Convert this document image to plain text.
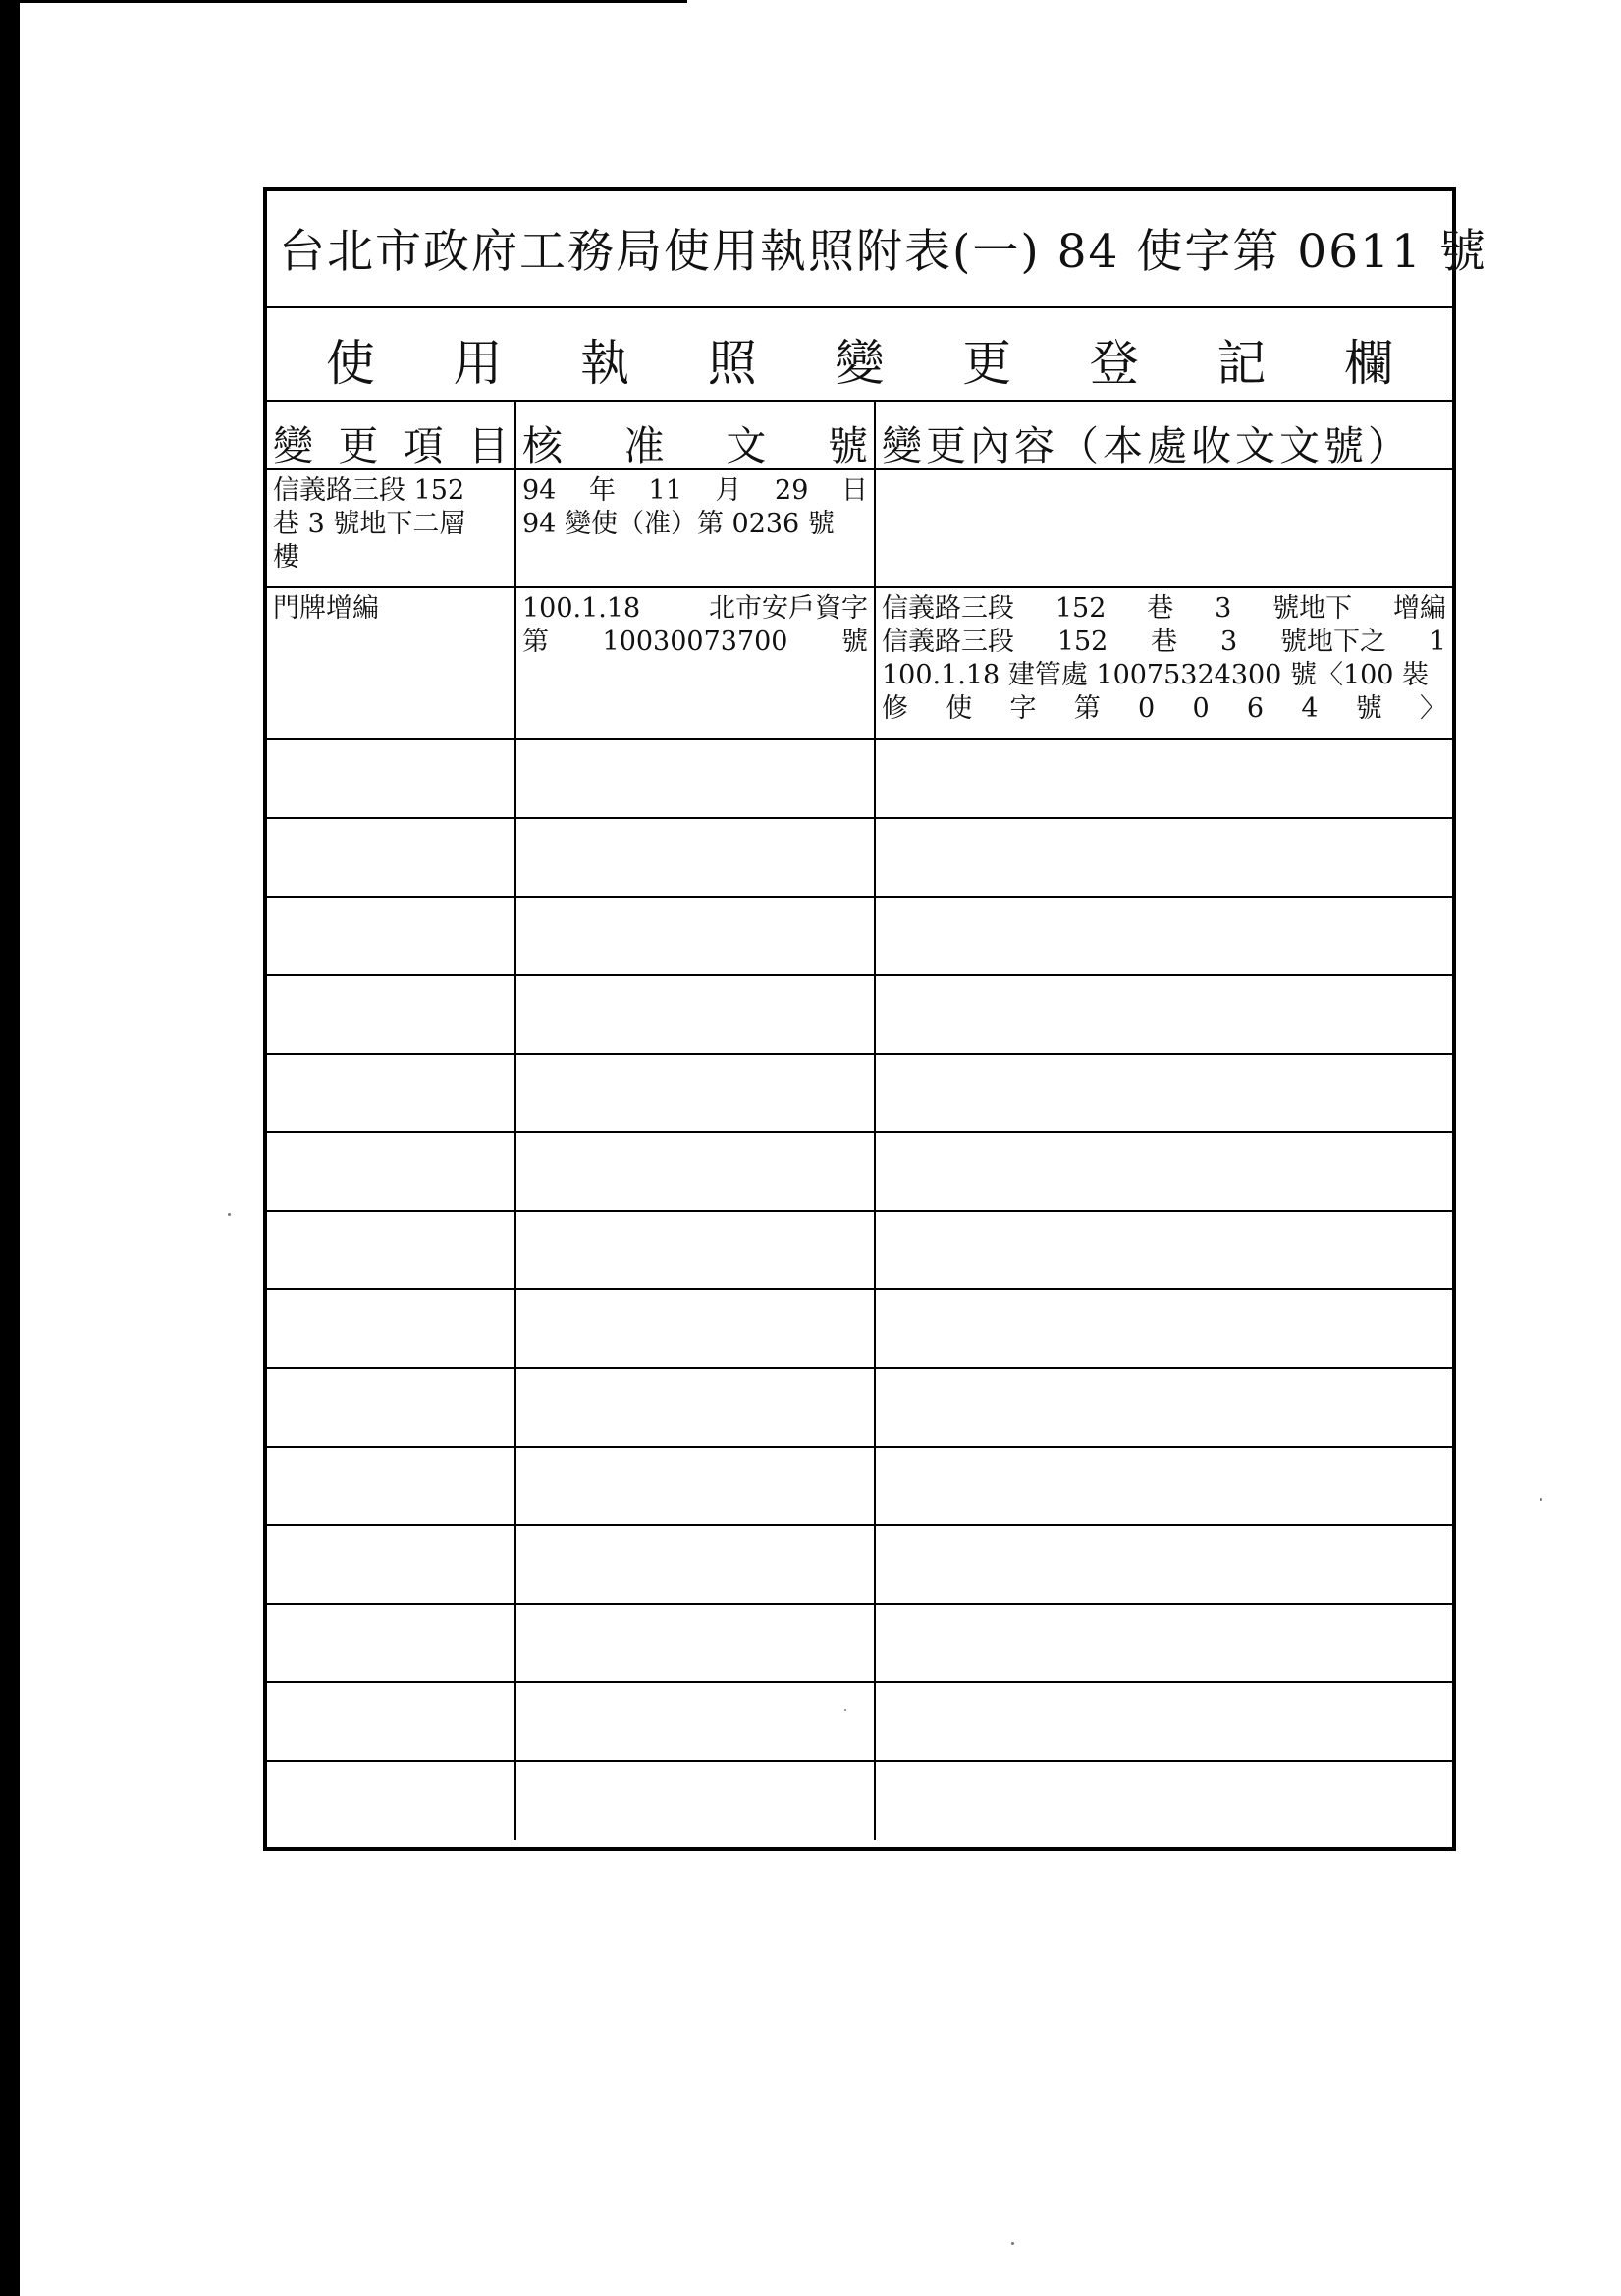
台北市政府工務局使用執照附表(一) 84 使字第 0611 號
使 用 執 照 變 更 登 記 欄
變 更 項 目 核 准 文 號 變更內容（本處收文文號）
信義路三段 152
巷 3 號地下二層
樓
94 年 11 月 29 日
94 變使（准）第 0236 號
門牌增編	100.1.18	北市安戶資字
第 10030073700 號
信義路三段 152 巷 3 號地下 增編
信義路三段 152 巷 3 號地下之 1
100.1.18 建管處 10075324300 號〈100 裝
修 使 字 第 0 0 6 4 號 〉
